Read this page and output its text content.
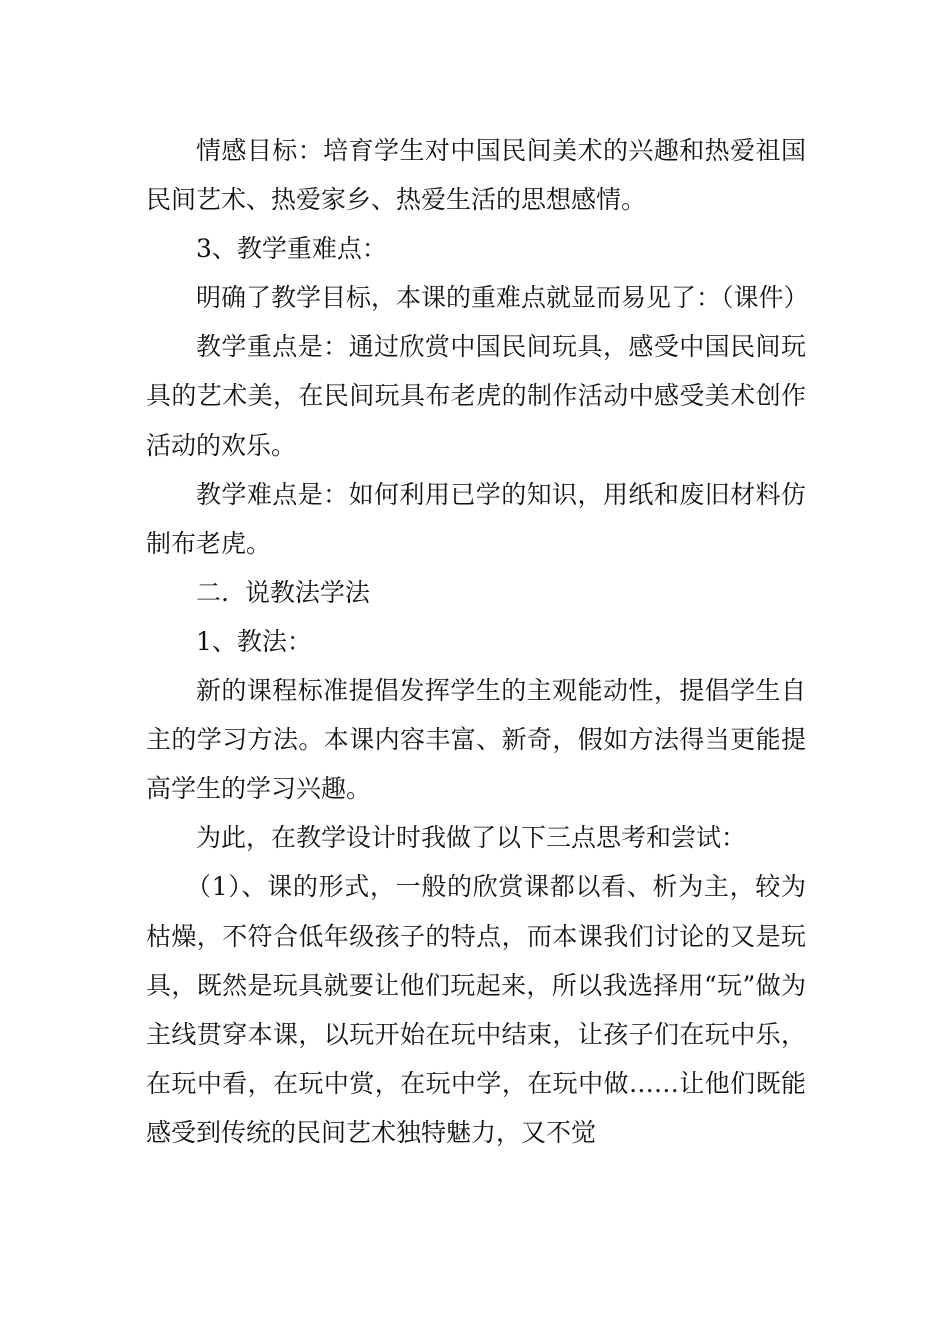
情感目标：培育学生对中国民间美术的兴趣和热爱祖国民间艺术、热爱家乡、热爱生活的思想感情。

3、教学重难点：

明确了教学目标，本课的重难点就显而易见了：（课件）

教学重点是：通过欣赏中国民间玩具，感受中国民间玩具的艺术美，在民间玩具布老虎的制作活动中感受美术创作活动的欢乐。

教学难点是：如何利用已学的知识，用纸和废旧材料仿制布老虎。

二.  说教法学法

1、教法：

新的课程标准提倡发挥学生的主观能动性，提倡学生自主的学习方法。本课内容丰富、新奇，假如方法得当更能提高学生的学习兴趣。

为此，在教学设计时我做了以下三点思考和尝试：

（1）、课的形式，一般的欣赏课都以看、析为主，较为枯燥，不符合低年级孩子的特点，而本课我们讨论的又是玩具，既然是玩具就要让他们玩起来，所以我选择用“玩”做为主线贯穿本课，以玩开始在玩中结束，让孩子们在玩中乐，在玩中看，在玩中赏，在玩中学，在玩中做……让他们既能感受到传统的民间艺术独特魅力，又不觉
